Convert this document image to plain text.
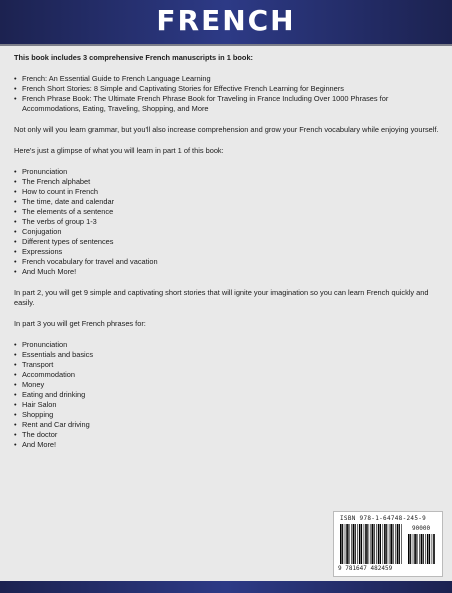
FRENCH

This book includes 3 comprehensive French manuscripts in 1 book:

• French: An Essential Guide to French Language Learning
• French Short Stories: 8 Simple and Captivating Stories for Effective French Learning for Beginners
• French Phrase Book: The Ultimate French Phrase Book for Traveling in France Including Over 1000 Phrases for Accommodations, Eating, Traveling, Shopping, and More

Not only will you learn grammar, but you'll also increase comprehension and grow your French vocabulary while enjoying yourself.

Here's just a glimpse of what you will learn in part 1 of this book:

• Pronunciation
• The French alphabet
• How to count in French
• The time, date and calendar
• The elements of a sentence
• The verbs of group 1-3
• Conjugation
• Different types of sentences
• Expressions
• French vocabulary for travel and vacation
• And Much More!

In part 2, you will get 9 simple and captivating short stories that will ignite your imagination so you can learn French quickly and easily.

In part 3 you will get French phrases for:

• Pronunciation
• Essentials and basics
• Transport
• Accommodation
• Money
• Eating and drinking
• Hair Salon
• Shopping
• Rent and Car driving
• The doctor
• And More!
ISBN 978-1-64748-245-9
90000
9 781647 482459
